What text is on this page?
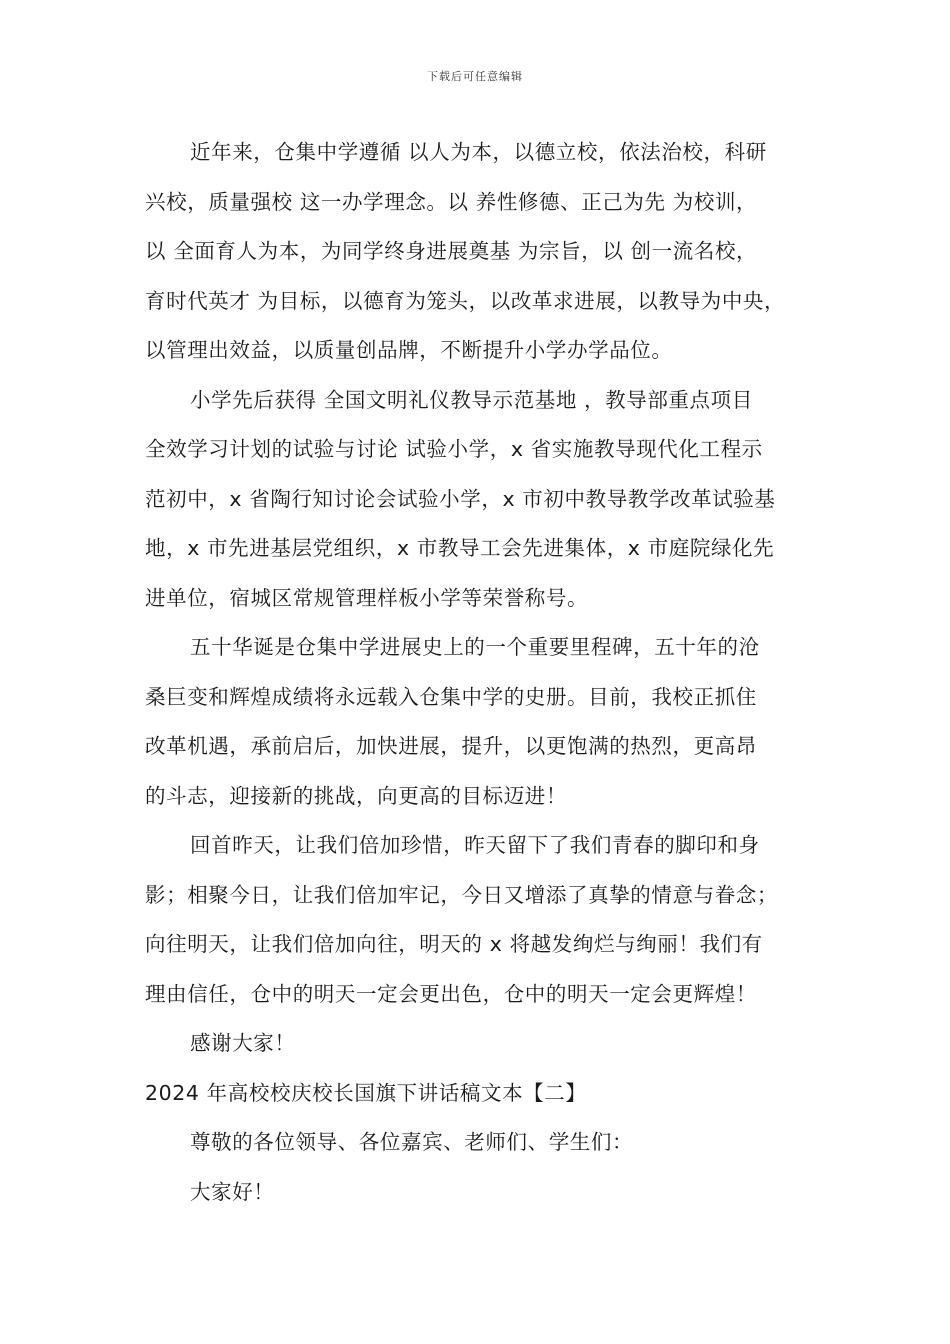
下载后可任意编辑
近年来，仓集中学遵循 以人为本，以德立校，依法治校，科研
兴校，质量强校 这一办学理念。以 养性修德、正己为先 为校训，
以 全面育人为本，为同学终身进展奠基 为宗旨，以 创一流名校，
育时代英才 为目标，以德育为笼头，以改革求进展，以教导为中央，
以管理出效益，以质量创品牌，不断提升小学办学品位。
小学先后获得 全国文明礼仪教导示范基地 ，教导部重点项目
全效学习计划的试验与讨论 试验小学，x 省实施教导现代化工程示
范初中，x 省陶行知讨论会试验小学，x 市初中教导教学改革试验基
地，x 市先进基层党组织，x 市教导工会先进集体，x 市庭院绿化先
进单位，宿城区常规管理样板小学等荣誉称号。
五十华诞是仓集中学进展史上的一个重要里程碑，五十年的沧
桑巨变和辉煌成绩将永远载入仓集中学的史册。目前，我校正抓住
改革机遇，承前启后，加快进展，提升，以更饱满的热烈，更高昂
的斗志，迎接新的挑战，向更高的目标迈进！
回首昨天，让我们倍加珍惜，昨天留下了我们青春的脚印和身
影；相聚今日，让我们倍加牢记，今日又增添了真挚的情意与眷念；
向往明天，让我们倍加向往，明天的 x 将越发绚烂与绚丽！我们有
理由信任，仓中的明天一定会更出色，仓中的明天一定会更辉煌！
感谢大家！
2024 年高校校庆校长国旗下讲话稿文本【二】
尊敬的各位领导、各位嘉宾、老师们、学生们：
大家好！
